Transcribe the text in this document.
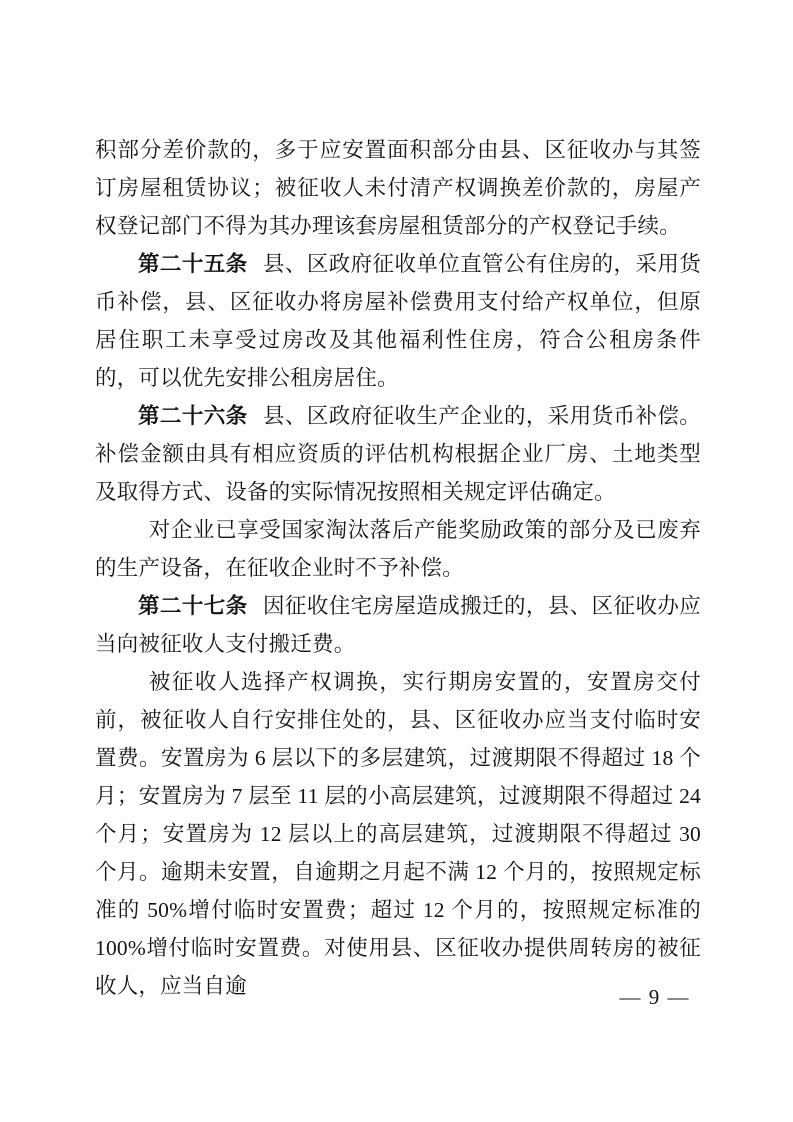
积部分差价款的，多于应安置面积部分由县、区征收办与其签订房屋租赁协议；被征收人未付清产权调换差价款的，房屋产权登记部门不得为其办理该套房屋租赁部分的产权登记手续。

第二十五条 县、区政府征收单位直管公有住房的，采用货币补偿，县、区征收办将房屋补偿费用支付给产权单位，但原居住职工未享受过房改及其他福利性住房，符合公租房条件的，可以优先安排公租房居住。

第二十六条 县、区政府征收生产企业的，采用货币补偿。补偿金额由具有相应资质的评估机构根据企业厂房、土地类型及取得方式、设备的实际情况按照相关规定评估确定。

对企业已享受国家淘汰落后产能奖励政策的部分及已废弃的生产设备，在征收企业时不予补偿。

第二十七条 因征收住宅房屋造成搬迁的，县、区征收办应当向被征收人支付搬迁费。

被征收人选择产权调换，实行期房安置的，安置房交付前，被征收人自行安排住处的，县、区征收办应当支付临时安置费。安置房为 6 层以下的多层建筑，过渡期限不得超过 18 个月；安置房为 7 层至 11 层的小高层建筑，过渡期限不得超过 24 个月；安置房为 12 层以上的高层建筑，过渡期限不得超过 30 个月。逾期未安置，自逾期之月起不满 12 个月的，按照规定标准的 50%增付临时安置费；超过 12 个月的，按照规定标准的 100%增付临时安置费。对使用县、区征收办提供周转房的被征收人，应当自逾	— 9 —
